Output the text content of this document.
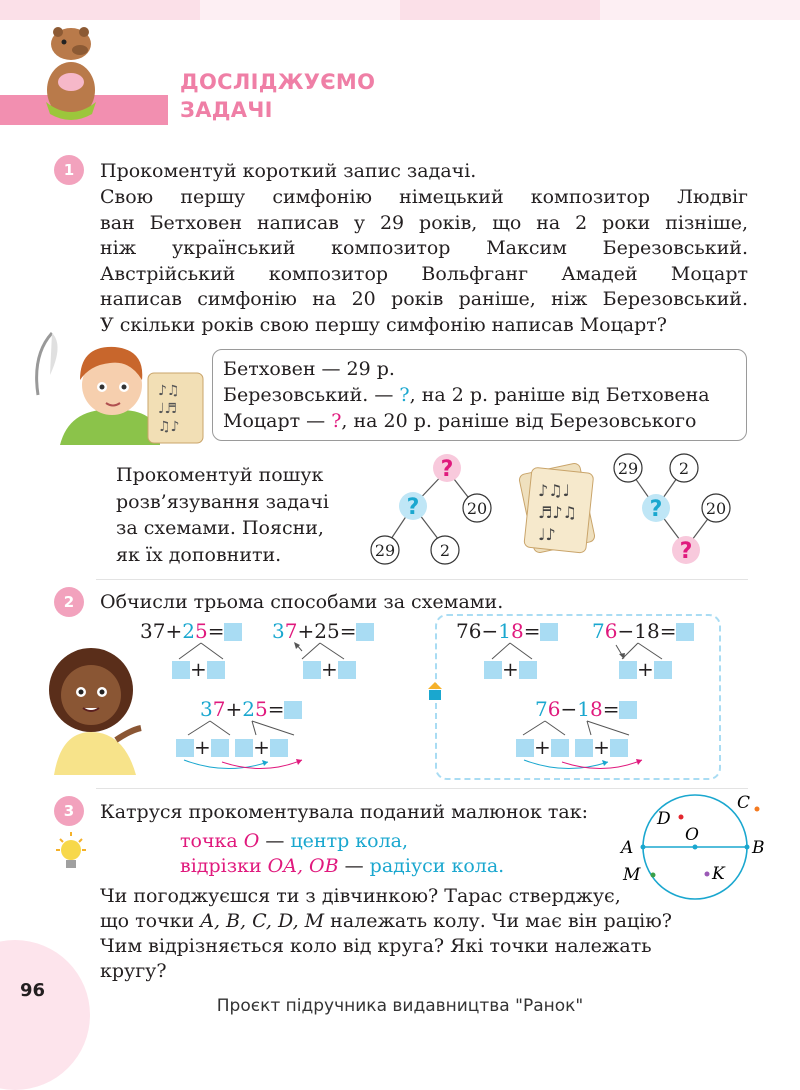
ДОСЛІДЖУЄМО
ЗАДАЧІ
1	Прокоментуй короткий запис задачі.
Свою першу симфонію німецький композитор Людвіг
ван Бетховен написав у 29 років, що на 2 роки пізніше,
ніж український композитор Максим Березовський.
Австрійський композитор Вольфганг Амадей Моцарт
написав симфонію на 20 років раніше, ніж Березовський.
У скільки років свою першу симфонію написав Моцарт?
♪♫
♩♬
♫♪
Бетховен — 29 р.
Березовський. — ?, на 2 р. раніше від Бетховена
Моцарт — ?, на 20 р. раніше від Березовського
Прокоментуй пошук
розв’язування задачі
за схемами. Поясни,
як їх доповнити.
?
?	20
29	2
♪♫♩
♬♪♫
♩♪
29	2
?	20
?
2	Обчисли трьома способами за схемами.
37+25=
+
37+25=
+
37+25=
+ +
76−18=
+
76−18=
+
76−18=
+ +
3	Катруся прокоментувала поданий малюнок так:
точка O — центр кола,
відрізки OA, OB — радіуси кола.
Чи погоджуєшся ти з дівчинкою? Тарас стверджує,
що точки A, B, C, D, M належать колу. Чи має він рацію?
Чим відрізняється коло від круга? Які точки належать
кругу?
C
D
O
A	B
M	K
96
Проєкт підручника видавництва "Ранок"
